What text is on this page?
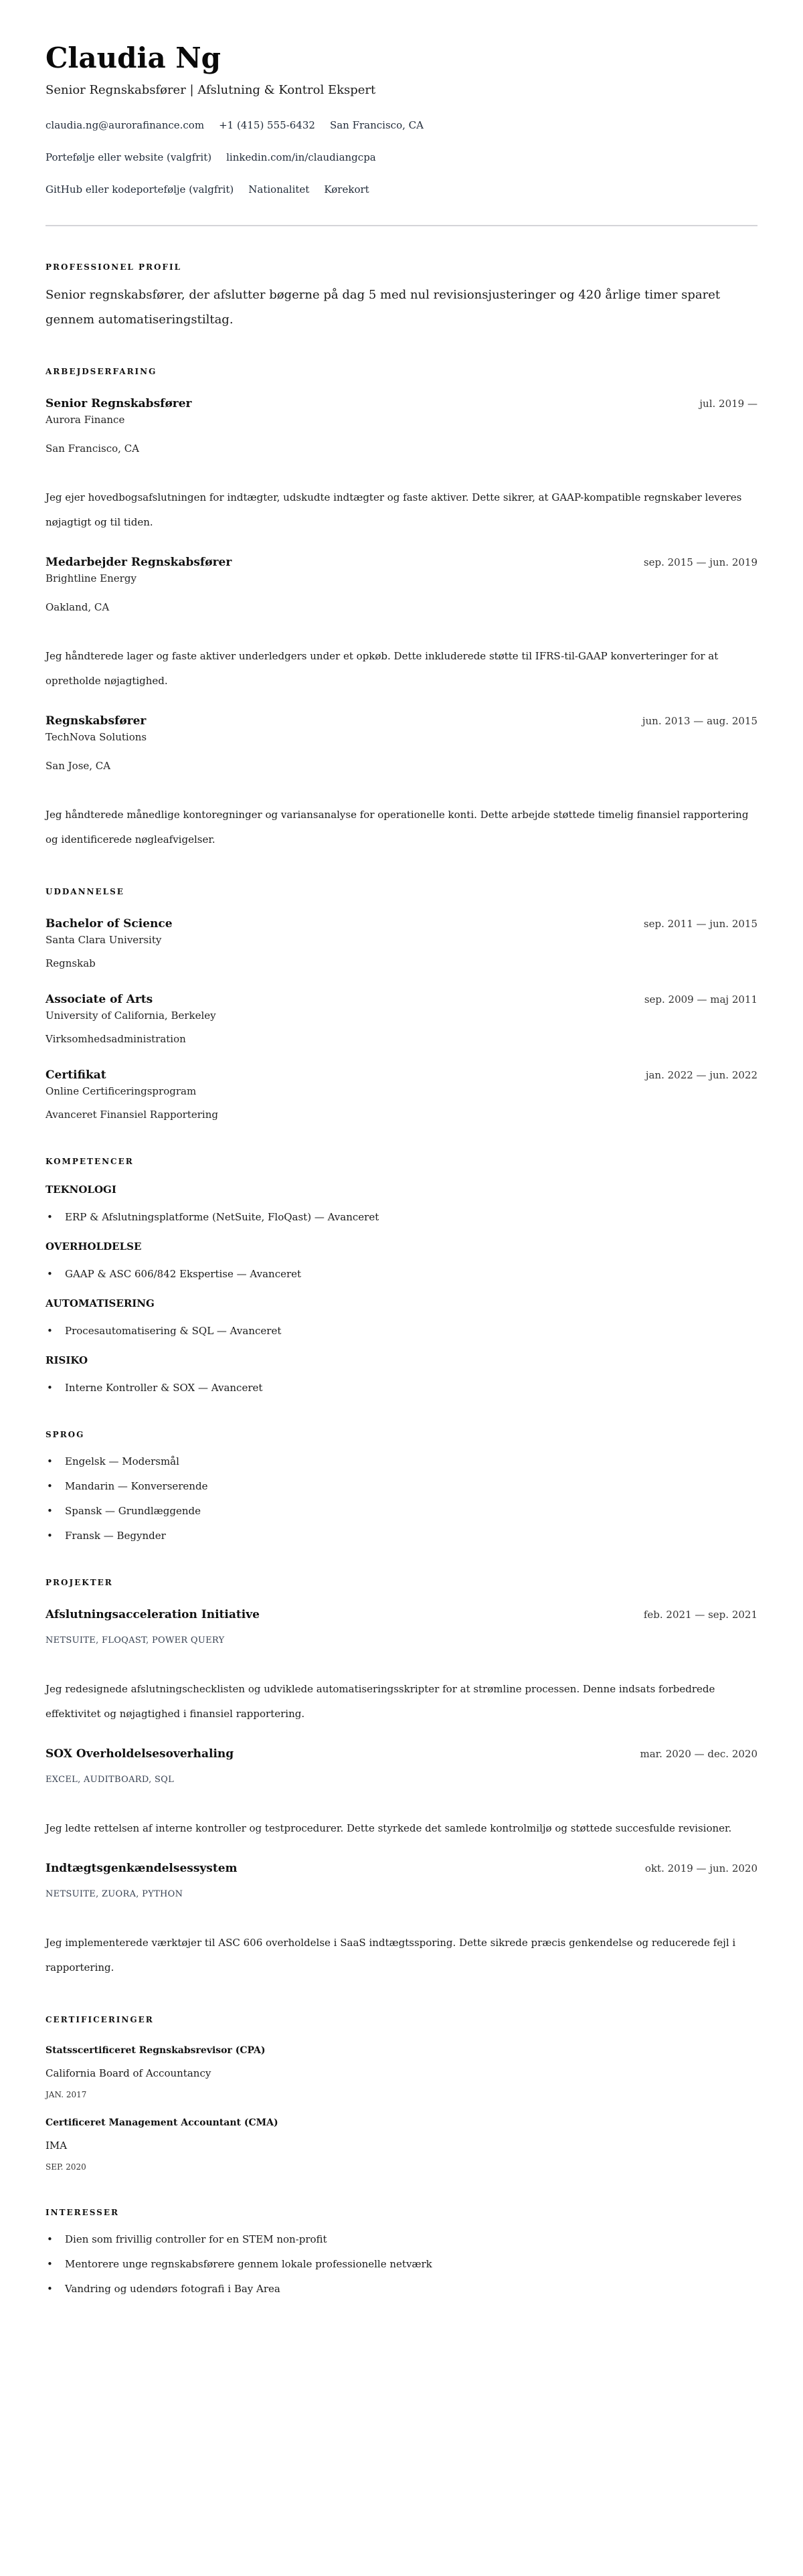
Claudia Ng
Senior Regnskabsfører | Afslutning & Kontrol Ekspert
claudia.ng@aurorafinance.com +1 (415) 555-6432 San Francisco, CA
Portefølje eller website (valgfrit) linkedin.com/in/claudiangcpa
GitHub eller kodeportefølje (valgfrit) Nationalitet Kørekort
PROFESSIONEL PROFIL

Senior regnskabsfører, der afslutter bøgerne på dag 5 med nul revisionsjusteringer og 420 årlige timer sparet gennem automatiseringstiltag.

ARBEJDSERFARING
Senior Regnskabsfører	jul. 2019 —
Aurora Finance
San Francisco, CA

Jeg ejer hovedbogsafslutningen for indtægter, udskudte indtægter og faste aktiver. Dette sikrer, at GAAP-kompatible regnskaber leveres nøjagtigt og til tiden.

Medarbejder Regnskabsfører	sep. 2015 — jun. 2019
Brightline Energy
Oakland, CA

Jeg håndterede lager og faste aktiver underledgers under et opkøb. Dette inkluderede støtte til IFRS-til-GAAP konverteringer for at opretholde nøjagtighed.

Regnskabsfører	jun. 2013 — aug. 2015
TechNova Solutions
San Jose, CA

Jeg håndterede månedlige kontoregninger og variansanalyse for operationelle konti. Dette arbejde støttede timelig finansiel rapportering og identificerede nøgleafvigelser.

UDDANNELSE
Bachelor of Science	sep. 2011 — jun. 2015
Santa Clara University
Regnskab
Associate of Arts	sep. 2009 — maj 2011
University of California, Berkeley
Virksomhedsadministration
Certifikat	jan. 2022 — jun. 2022
Online Certificeringsprogram
Avanceret Finansiel Rapportering
KOMPETENCER
TEKNOLOGI
• ERP & Afslutningsplatforme (NetSuite, FloQast) — Avanceret
OVERHOLDELSE
• GAAP & ASC 606/842 Ekspertise — Avanceret
AUTOMATISERING
• Procesautomatisering & SQL — Avanceret
RISIKO
• Interne Kontroller & SOX — Avanceret
SPROG
• Engelsk — Modersmål
• Mandarin — Konverserende
• Spansk — Grundlæggende
• Fransk — Begynder
PROJEKTER
Afslutningsacceleration Initiative	feb. 2021 — sep. 2021
NETSUITE, FLOQAST, POWER QUERY

Jeg redesignede afslutningschecklisten og udviklede automatiseringsskripter for at strømline processen. Denne indsats forbedrede effektivitet og nøjagtighed i finansiel rapportering.

SOX Overholdelsesoverhaling	mar. 2020 — dec. 2020
EXCEL, AUDITBOARD, SQL

Jeg ledte rettelsen af interne kontroller og testprocedurer. Dette styrkede det samlede kontrolmiljø og støttede succesfulde revisioner.

Indtægtsgenkændelsessystem	okt. 2019 — jun. 2020
NETSUITE, ZUORA, PYTHON

Jeg implementerede værktøjer til ASC 606 overholdelse i SaaS indtægtssporing. Dette sikrede præcis genkendelse og reducerede fejl i rapportering.

CERTIFICERINGER
Statsscertificeret Regnskabsrevisor (CPA)
California Board of Accountancy
JAN. 2017
Certificeret Management Accountant (CMA)
IMA
SEP. 2020
INTERESSER
• Dien som frivillig controller for en STEM non-profit
• Mentorere unge regnskabsførere gennem lokale professionelle netværk
• Vandring og udendørs fotografi i Bay Area
